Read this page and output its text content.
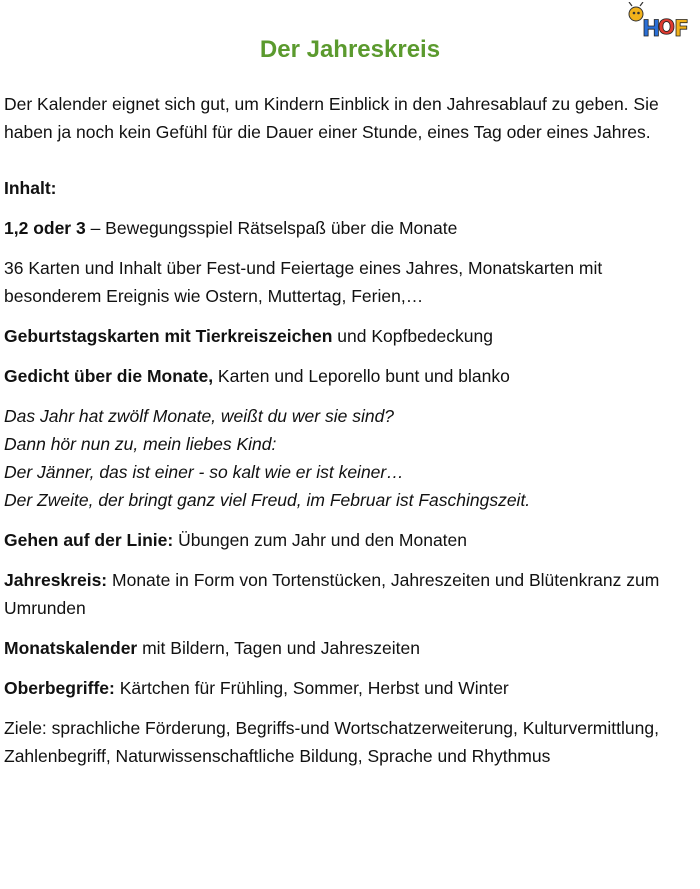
H
O
F
Der Jahreskreis

Der Kalender eignet sich gut, um Kindern Einblick in den Jahresablauf zu geben. Sie haben ja noch kein Gefühl für die Dauer einer Stunde, eines Tag oder eines Jahres.

Inhalt:

1,2 oder 3 – Bewegungsspiel Rätselspaß über die Monate

36 Karten und Inhalt über Fest-und Feiertage eines Jahres, Monatskarten mit besonderem Ereignis wie Ostern, Muttertag, Ferien,…

Geburtstagskarten mit Tierkreiszeichen und Kopfbedeckung

Gedicht über die Monate, Karten und Leporello bunt und blanko

Das Jahr hat zwölf Monate, weißt du wer sie sind?

Dann hör nun zu, mein liebes Kind:

Der Jänner, das ist einer - so kalt wie er ist keiner…

Der Zweite, der bringt ganz viel Freud, im Februar ist Faschingszeit.

Gehen auf der Linie: Übungen zum Jahr und den Monaten

Jahreskreis: Monate in Form von Tortenstücken, Jahreszeiten und Blütenkranz zum Umrunden

Monatskalender mit Bildern, Tagen und Jahreszeiten

Oberbegriffe: Kärtchen für Frühling, Sommer, Herbst und Winter

Ziele: sprachliche Förderung, Begriffs-und Wortschatzerweiterung, Kulturvermittlung, Zahlenbegriff, Naturwissenschaftliche Bildung, Sprache und Rhythmus
